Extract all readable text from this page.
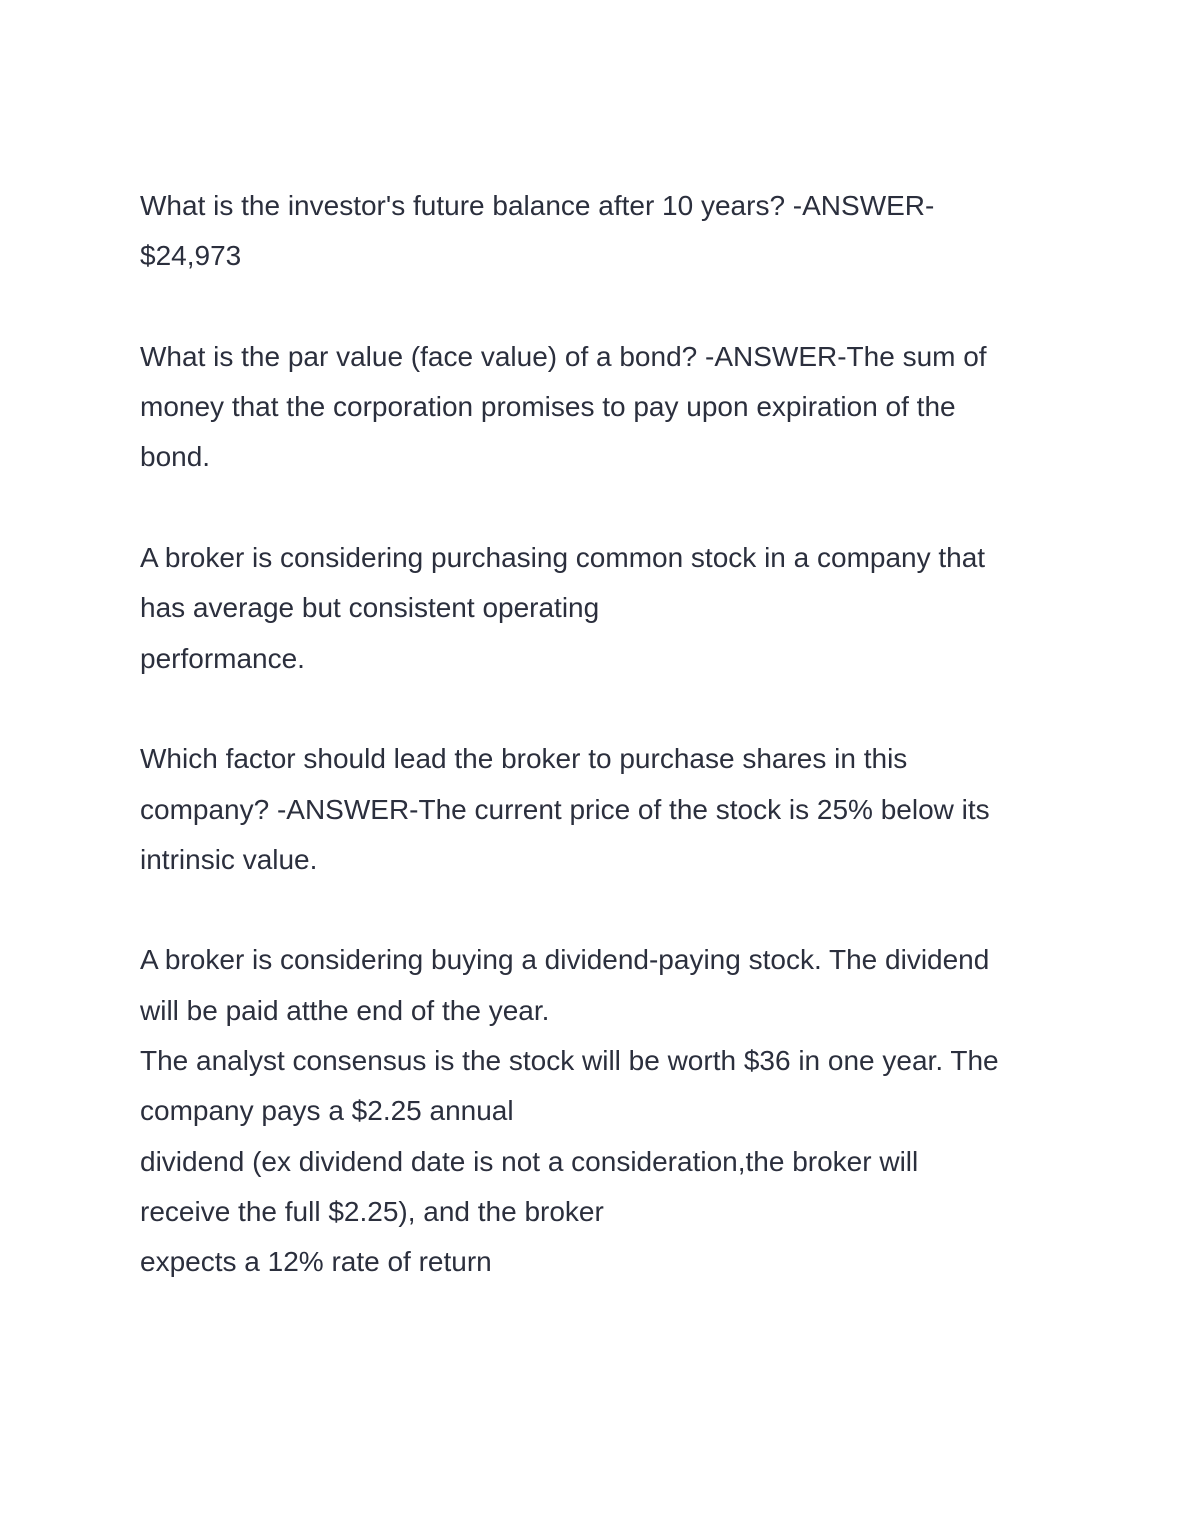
What is the investor's future balance after 10 years? -ANSWER-
$24,973
What is the par value (face value) of a bond? -ANSWER-The sum of
money that the corporation promises to pay upon expiration of the
bond.
A broker is considering purchasing common stock in a company that
has average but consistent operating
performance.
Which factor should lead the broker to purchase shares in this
company? -ANSWER-The current price of the stock is 25% below its
intrinsic value.
A broker is considering buying a dividend-paying stock. The dividend
will be paid atthe end of the year.
The analyst consensus is the stock will be worth $36 in one year. The
company pays a $2.25 annual
dividend (ex dividend date is not a consideration,the broker will
receive the full $2.25), and the broker
expects a 12% rate of return
